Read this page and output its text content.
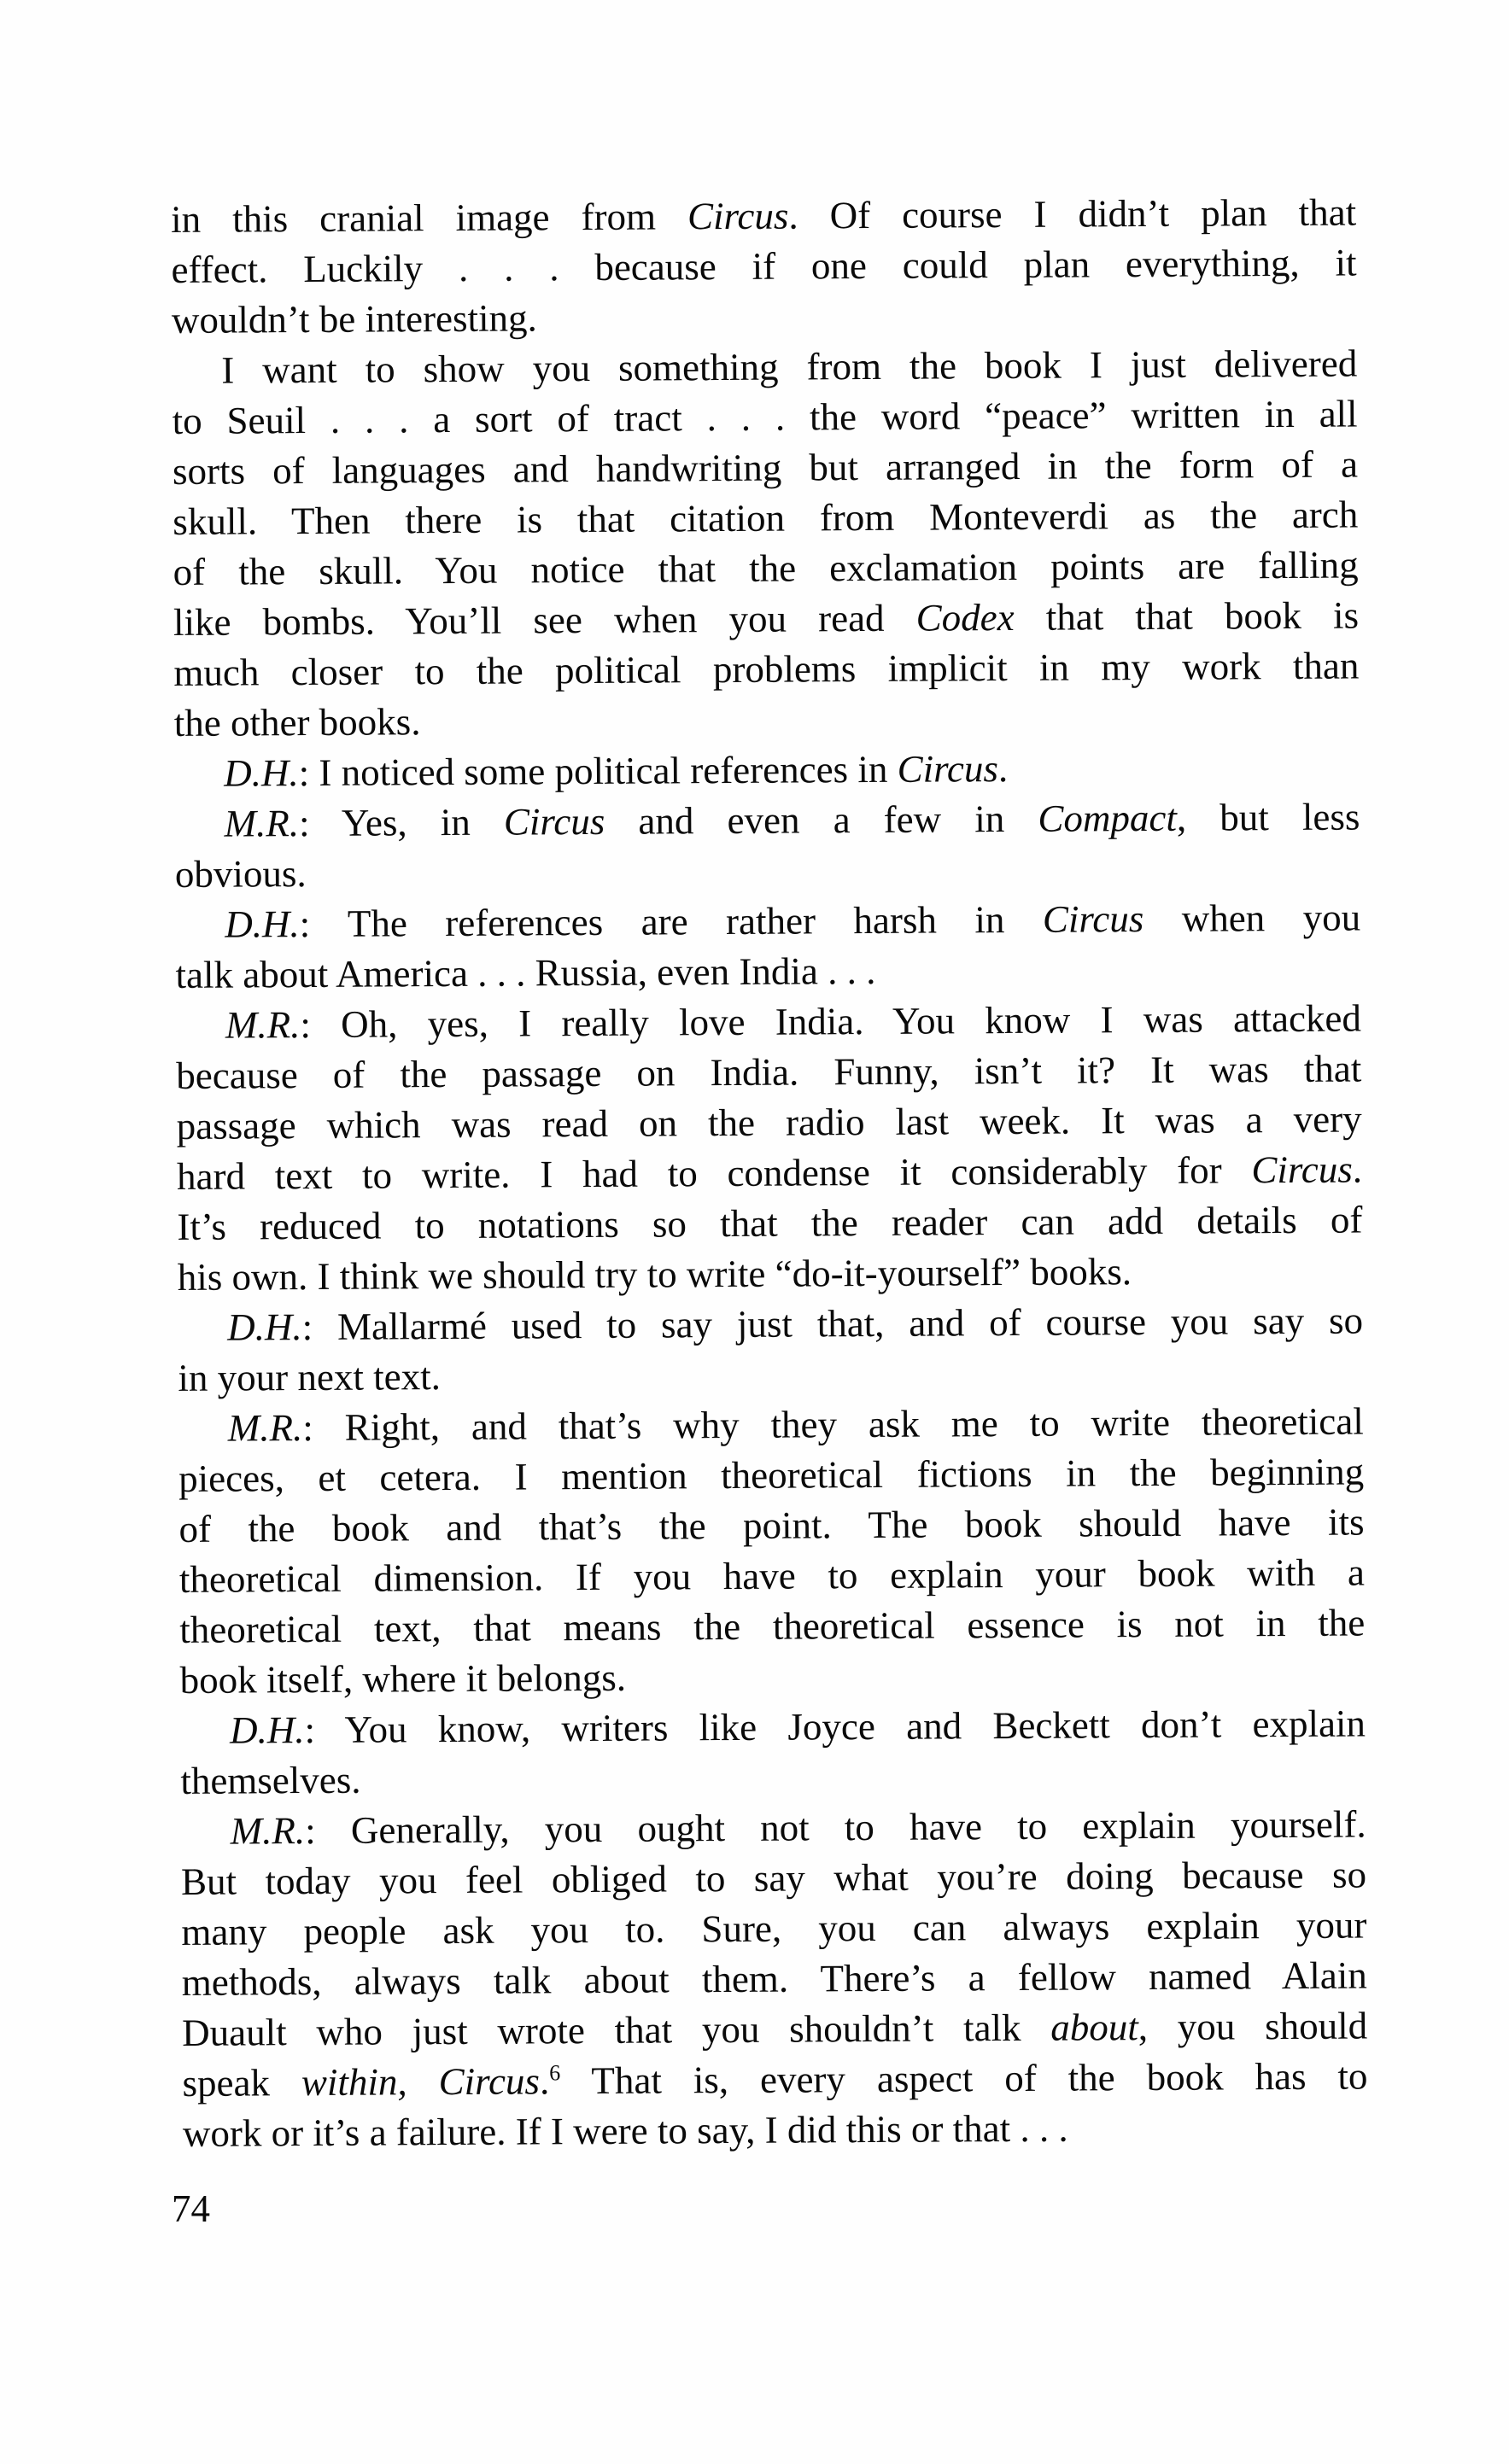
in this cranial image from Circus. Of course I didn’t plan that
effect. Luckily . . . because if one could plan everything, it
wouldn’t be interesting.
I want to show you something from the book I just delivered
to Seuil . . . a sort of tract . . . the word “peace” written in all
sorts of languages and handwriting but arranged in the form of a
skull. Then there is that citation from Monteverdi as the arch
of the skull. You notice that the exclamation points are falling
like bombs. You’ll see when you read Codex that that book is
much closer to the political problems implicit in my work than
the other books.
D.H.: I noticed some political references in Circus.
M.R.: Yes, in Circus and even a few in Compact, but less
obvious.
D.H.: The references are rather harsh in Circus when you
talk about America . . . Russia, even India . . .
M.R.: Oh, yes, I really love India. You know I was attacked
because of the passage on India. Funny, isn’t it? It was that
passage which was read on the radio last week. It was a very
hard text to write. I had to condense it considerably for Circus.
It’s reduced to notations so that the reader can add details of
his own. I think we should try to write “do-it-yourself” books.
D.H.: Mallarmé used to say just that, and of course you say so
in your next text.
M.R.: Right, and that’s why they ask me to write theoretical
pieces, et cetera. I mention theoretical fictions in the beginning
of the book and that’s the point. The book should have its
theoretical dimension. If you have to explain your book with a
theoretical text, that means the theoretical essence is not in the
book itself, where it belongs.
D.H.: You know, writers like Joyce and Beckett don’t explain
themselves.
M.R.: Generally, you ought not to have to explain yourself.
But today you feel obliged to say what you’re doing because so
many people ask you to. Sure, you can always explain your
methods, always talk about them. There’s a fellow named Alain
Duault who just wrote that you shouldn’t talk about, you should
speak within, Circus.$^6$ That is, every aspect of the book has to
work or it’s a failure. If I were to say, I did this or that . . .
74
